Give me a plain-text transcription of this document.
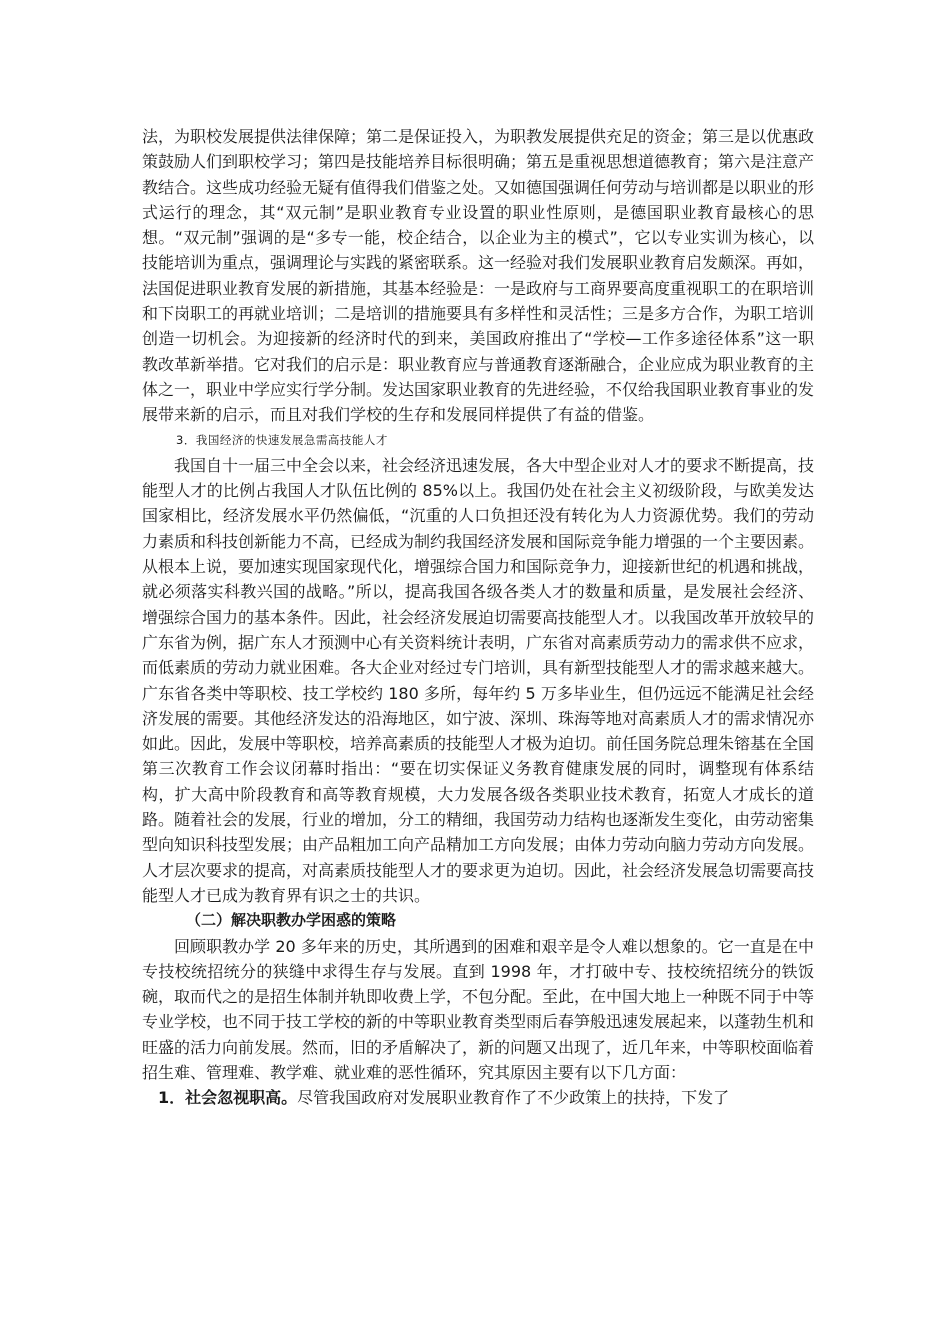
法，为职校发展提供法律保障；第二是保证投入，为职教发展提供充足的资金；第三是以优惠政策鼓励人们到职校学习；第四是技能培养目标很明确；第五是重视思想道德教育；第六是注意产教结合。这些成功经验无疑有值得我们借鉴之处。又如德国强调任何劳动与培训都是以职业的形式运行的理念，其“双元制”是职业教育专业设置的职业性原则，是德国职业教育最核心的思想。“双元制”强调的是“多专一能，校企结合，以企业为主的模式”，它以专业实训为核心，以技能培训为重点，强调理论与实践的紧密联系。这一经验对我们发展职业教育启发颇深。再如，法国促进职业教育发展的新措施，其基本经验是：一是政府与工商界要高度重视职工的在职培训和下岗职工的再就业培训；二是培训的措施要具有多样性和灵活性；三是多方合作，为职工培训创造一切机会。为迎接新的经济时代的到来，美国政府推出了“学校—工作多途径体系”这一职教改革新举措。它对我们的启示是：职业教育应与普通教育逐渐融合，企业应成为职业教育的主体之一，职业中学应实行学分制。发达国家职业教育的先进经验，不仅给我国职业教育事业的发展带来新的启示，而且对我们学校的生存和发展同样提供了有益的借鉴。

3．我国经济的快速发展急需高技能人才

我国自十一届三中全会以来，社会经济迅速发展，各大中型企业对人才的要求不断提高，技能型人才的比例占我国人才队伍比例的 85%以上。我国仍处在社会主义初级阶段，与欧美发达国家相比，经济发展水平仍然偏低，“沉重的人口负担还没有转化为人力资源优势。我们的劳动力素质和科技创新能力不高，已经成为制约我国经济发展和国际竞争能力增强的一个主要因素。从根本上说，要加速实现国家现代化，增强综合国力和国际竞争力，迎接新世纪的机遇和挑战，就必须落实科教兴国的战略。”所以，提高我国各级各类人才的数量和质量，是发展社会经济、增强综合国力的基本条件。因此，社会经济发展迫切需要高技能型人才。以我国改革开放较早的广东省为例，据广东人才预测中心有关资料统计表明，广东省对高素质劳动力的需求供不应求，而低素质的劳动力就业困难。各大企业对经过专门培训，具有新型技能型人才的需求越来越大。广东省各类中等职校、技工学校约 180 多所，每年约 5 万多毕业生，但仍远远不能满足社会经济发展的需要。其他经济发达的沿海地区，如宁波、深圳、珠海等地对高素质人才的需求情况亦如此。因此，发展中等职校，培养高素质的技能型人才极为迫切。前任国务院总理朱镕基在全国第三次教育工作会议闭幕时指出：“要在切实保证义务教育健康发展的同时，调整现有体系结构，扩大高中阶段教育和高等教育规模，大力发展各级各类职业技术教育，拓宽人才成长的道路。随着社会的发展，行业的增加，分工的精细，我国劳动力结构也逐渐发生变化，由劳动密集型向知识科技型发展；由产品粗加工向产品精加工方向发展；由体力劳动向脑力劳动方向发展。人才层次要求的提高，对高素质技能型人才的要求更为迫切。因此，社会经济发展急切需要高技能型人才已成为教育界有识之士的共识。

（二）解决职教办学困惑的策略

回顾职教办学 20 多年来的历史，其所遇到的困难和艰辛是令人难以想象的。它一直是在中专技校统招统分的狭缝中求得生存与发展。直到 1998 年，才打破中专、技校统招统分的铁饭碗，取而代之的是招生体制并轨即收费上学，不包分配。至此，在中国大地上一种既不同于中等专业学校，也不同于技工学校的新的中等职业教育类型雨后春笋般迅速发展起来，以蓬勃生机和旺盛的活力向前发展。然而，旧的矛盾解决了，新的问题又出现了，近几年来，中等职校面临着招生难、管理难、教学难、就业难的恶性循环，究其原因主要有以下几方面：

1．社会忽视职高。尽管我国政府对发展职业教育作了不少政策上的扶持，下发了
